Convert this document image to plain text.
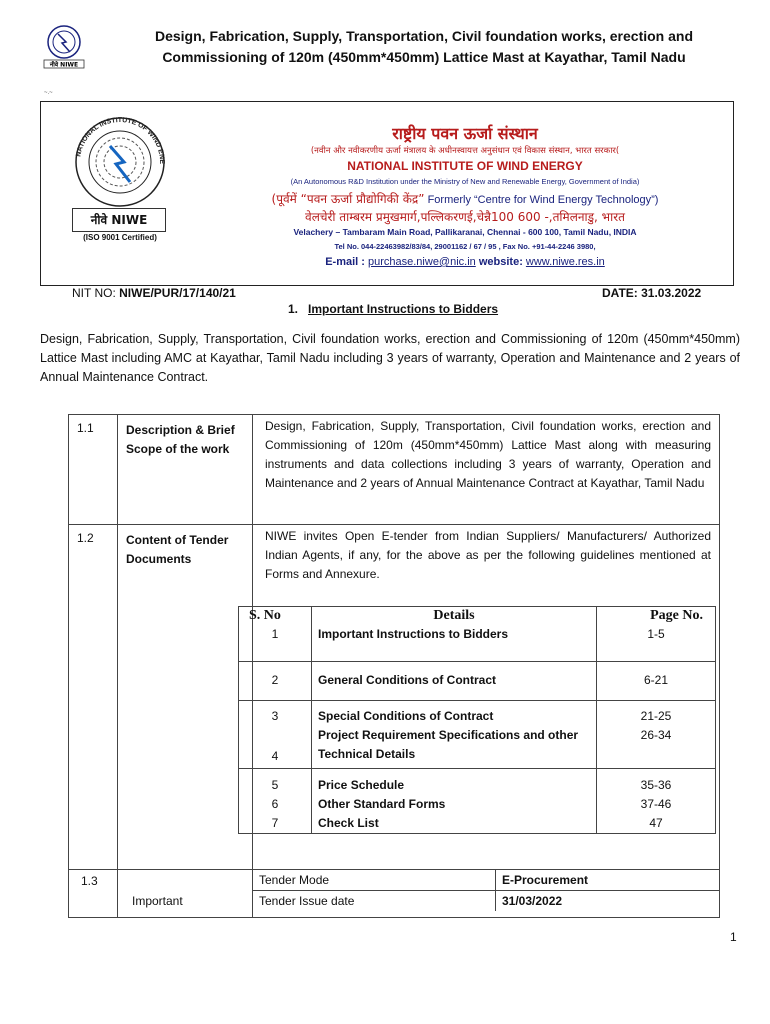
नीवे NIWE
Design, Fabrication, Supply, Transportation, Civil foundation works, erection and Commissioning of 120m (450mm*450mm) Lattice Mast at Kayathar, Tamil Nadu
~.~
NATIONAL INSTITUTE OF WIND ENE
नीवे NIWE
(ISO 9001 Certified)
राष्ट्रीय पवन ऊर्जा संस्थान
(नवीन और नवीकरणीय ऊर्जा मंत्रालय के अधीनस्वायत्त अनुसंधान एवं विकास संस्थान, भारत सरकार(
NATIONAL INSTITUTE OF WIND ENERGY
(An Autonomous R&D Institution under the Ministry of New and Renewable Energy, Government of India)
(पूर्वमें “पवन ऊर्जा प्रौद्योगिकी केंद्र” Formerly “Centre for Wind Energy Technology”)
वेलचेरी ताम्बरम प्रमुखमार्ग,पल्लिकरणई,चेन्नै100 600 -,तमिलनाडु, भारत
Velachery – Tambaram Main Road, Pallikaranai, Chennai - 600 100, Tamil Nadu, INDIA
Tel No. 044-22463982/83/84, 29001162 / 67 / 95 , Fax No. +91-44-2246 3980,
E-mail : purchase.niwe@nic.in website: www.niwe.res.in
NIT NO: NIWE/PUR/17/140/21	DATE: 31.03.2022
1. Important Instructions to Bidders
Design, Fabrication, Supply, Transportation, Civil foundation works, erection and Commissioning of 120m (450mm*450mm) Lattice Mast including AMC at Kayathar, Tamil Nadu including 3 years of warranty, Operation and Maintenance and 2 years of Annual Maintenance Contract.
1.1	Description & Brief Scope of the work	Design, Fabrication, Supply, Transportation, Civil foundation works, erection and Commissioning of 120m (450mm*450mm) Lattice Mast along with measuring instruments and data collections including 3 years of warranty, Operation and Maintenance and 2 years of Annual Maintenance Contract at Kayathar, Tamil Nadu
1.2	Content of Tender Documents	NIWE invites Open E-tender from Indian Suppliers/ Manufacturers/ Authorized Indian Agents, if any, for the above as per the following guidelines mentioned at Forms and Annexure.
1.3	Important	
Tender Mode	E-Procurement
Tender Issue date	31/03/2022
S. No	Details	Page No.
1	Important Instructions to Bidders	1-5
2	General Conditions of Contract	6-21
3	Special Conditions of Contract	21-25
4	Project Requirement Specifications and other Technical Details	26-34
5	Price Schedule	35-36
6	Other Standard Forms	37-46
7	Check List	47
1
